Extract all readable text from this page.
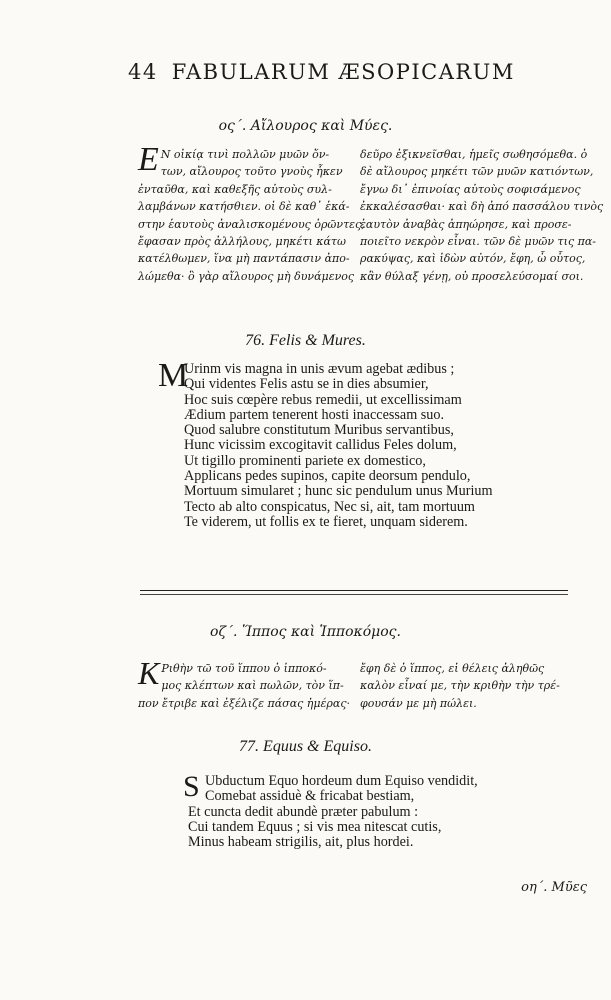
44 FABULARUM ÆSOPICARUM
ος΄. Αἴλουρος καὶ Μύες.
E Ν οἰκίᾳ τινὶ πολλῶν μυῶν ὄν-

των, αἴλουρος τοῦτο γνοὺς ἧκεν

ἐνταῦθα, καὶ καθεξῆς αὐτοὺς συλ-

λαμβάνων κατήσθιεν. οἱ δὲ καθ᾿ ἑκά-

στην ἑαυτοὺς ἀναλισκομένους ὁρῶντες,

ἔφασαν πρὸς ἀλλήλους, μηκέτι κάτω

κατέλθωμεν, ἵνα μὴ παντάπασιν ἀπο-

λώμεθα· ὃ γὰρ αἴλουρος μὴ δυνάμενος

δεῦρο ἐξικνεῖσθαι, ἡμεῖς σωθησόμεθα. ὁ

δὲ αἴλουρος μηκέτι τῶν μυῶν κατιόντων,

ἔγνω δι᾿ ἐπινοίας αὐτοὺς σοφισάμενος

ἐκκαλέσασθαι· καὶ δὴ ἀπό πασσάλου τινὸς

ἑαυτὸν ἀναβὰς ἀπηώρησε, καὶ προσε-

ποιεῖτο νεκρὸν εἶναι. τῶν δὲ μυῶν τις πα-

ρακύψας, καὶ ἰδὼν αὐτόν, ἔφη, ὦ οὗτος,

κἂν θύλαξ γένῃ, οὐ προσελεύσομαί σοι.

76. Felis & Mures.
M

Urinm vis magna in unis ævum agebat ædibus ;

Qui videntes Felis astu se in dies absumier,

Hoc suis cœpère rebus remedii, ut excellissimam

Ædium partem tenerent hosti inaccessam suo.

Quod salubre constitutum Muribus servantibus,

Hunc vicissim excogitavit callidus Feles dolum,

Ut tigillo prominenti pariete ex domestico,

Applicans pedes supinos, capite deorsum pendulo,

Mortuum simularet ; hunc sic pendulum unus Murium

Tecto ab alto conspicatus, Nec si, ait, tam mortuum

Te viderem, ut follis ex te fieret, unquam siderem.

οζ΄. Ἵππος καὶ Ἱπποκόμος.
K Ριθὴν τῶ τοῦ ἵππου ὁ ἱπποκό-

μος κλέπτων καὶ πωλῶν, τὸν ἵπ-

πον ἔτριβε καὶ ἐξέλιζε πάσας ἡμέρας·

ἔφη δὲ ὁ ἵππος, εἰ θέλεις ἀληθῶς

καλὸν εἶναί με, τὴν κριθὴν τὴν τρέ-

φουσάν με μὴ πώλει.

77. Equus & Equiso.
S Ubductum Equo hordeum dum Equiso vendidit,

Comebat assiduè & fricabat bestiam,

Et cuncta dedit abundè præter pabulum :

Cui tandem Equus ; si vis mea nitescat cutis,

Minus habeam strigilis, ait, plus hordei.

οη΄. Μῦες
